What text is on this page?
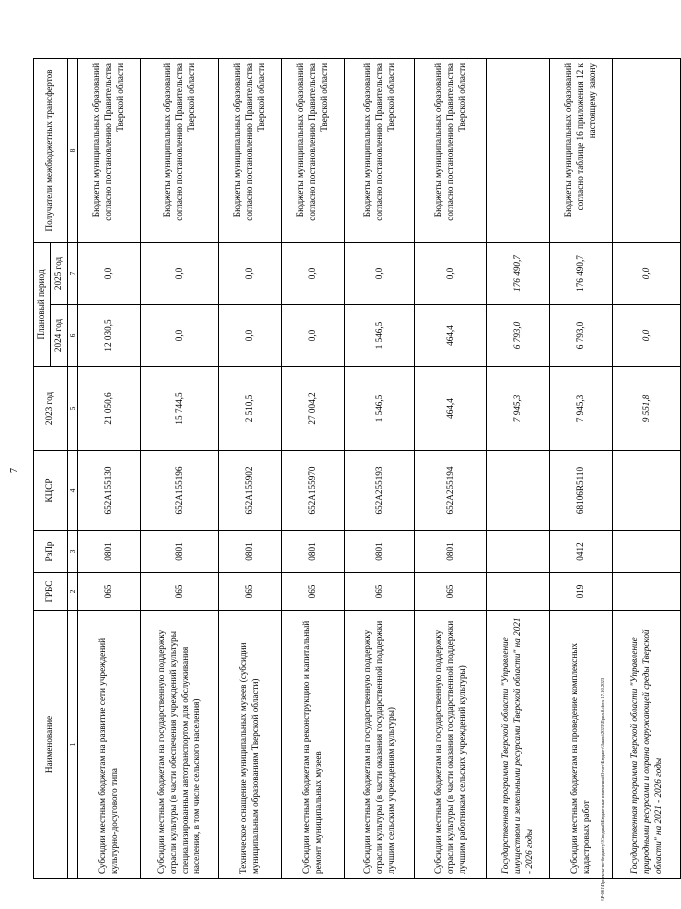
7
Наименование	ГРБС	РзПр	КЦСР	2023 год	Плановый период		Получатели межбюджетных трансфертов
					2024 год	2025 год	
1	2	3	4	5	6	7	8
Субсидии местным бюджетам на развитие сети учреждений культурно-досугового типа	065	0801	652A155130	21 050,6	12 030,5	0,0	Бюджеты муниципальных образований согласно постановлению Правительства Тверской области
Субсидии местным бюджетам на государственную поддержку отрасли культуры (в части обеспечения учреждений культуры специализированным автотранспортом для обслуживания населения, в том числе сельского населения)	065	0801	652A155196	15 744,5	0,0	0,0	Бюджеты муниципальных образований согласно постановлению Правительства Тверской области
Техническое оснащение муниципальных музеев (субсидии муниципальным образованиям Тверской области)	065	0801	652A155902	2 510,5	0,0	0,0	Бюджеты муниципальных образований согласно постановлению Правительства Тверской области
Субсидии местным бюджетам на реконструкцию и капитальный ремонт муниципальных музеев	065	0801	652A155970	27 004,2	0,0	0,0	Бюджеты муниципальных образований согласно постановлению Правительства Тверской области
Субсидии местным бюджетам на государственную поддержку отрасли культуры (в части оказания государственной поддержки лучшим сельским учреждениям культуры)	065	0801	652A255193	1 546,5	1 546,5	0,0	Бюджеты муниципальных образований согласно постановлению Правительства Тверской области
Субсидии местным бюджетам на государственную поддержку отрасли культуры (в части оказания государственной поддержки лучшим работникам сельских учреждений культуры)	065	0801	652A255194	464,4	464,4	0,0	Бюджеты муниципальных образований согласно постановлению Правительства Тверской области
Государственная программа Тверской области "Управление имуществом и земельными ресурсами Тверской области" на 2021 - 2026 годы				7 945,3	6 793,0	176 490,7	
Субсидии местным бюджетам на проведение комплексных кадастровых работ	019	0412	68106R5110	7 945,3	6 793,0	176 490,7	Бюджеты муниципальных образований согласно таблице 16 приложения 12 к настоящему закону
Государственная программа Тверской области "Управление природными ресурсами и охрана окружающей среды Тверской области" на 2021 - 2026 годы				9 551,8	0,0	0,0	
\\P-001\Проекты-по-бюджету\!Сводный\Бюджетные изменения\Отчет\Бюджет\Закон\2023\Прил.8.docx 17.10.2023
